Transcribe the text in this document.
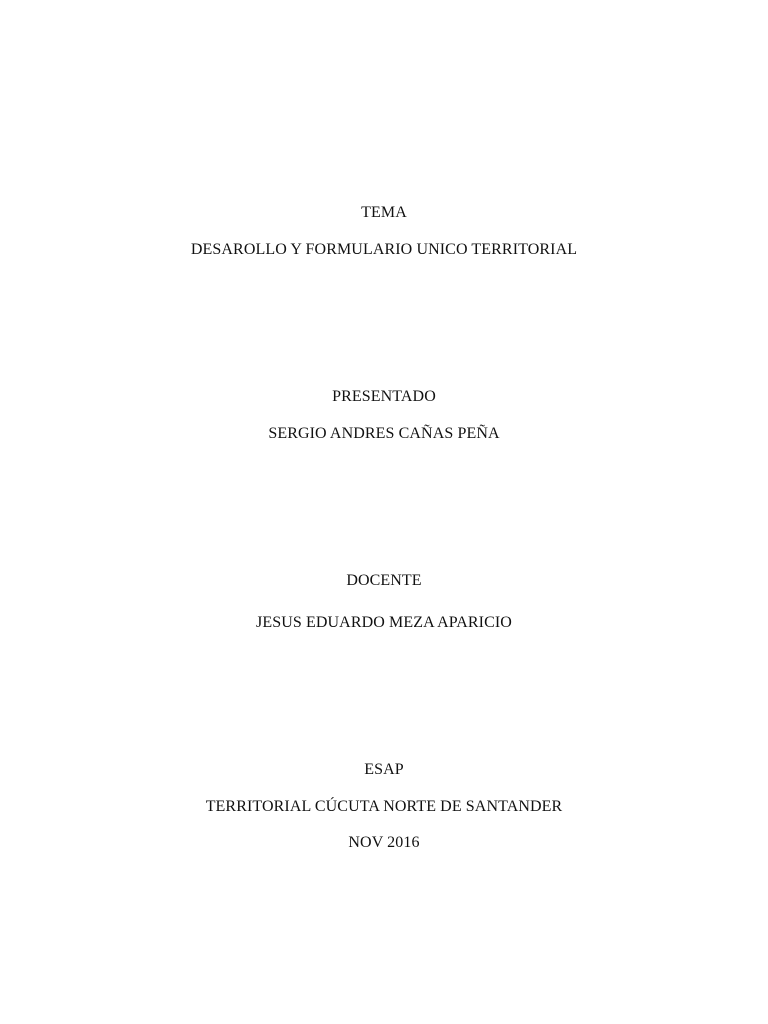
TEMA
DESAROLLO Y FORMULARIO UNICO TERRITORIAL
PRESENTADO
SERGIO ANDRES CAÑAS PEÑA
DOCENTE
JESUS EDUARDO MEZA APARICIO
ESAP
TERRITORIAL CÚCUTA NORTE DE SANTANDER
NOV 2016
